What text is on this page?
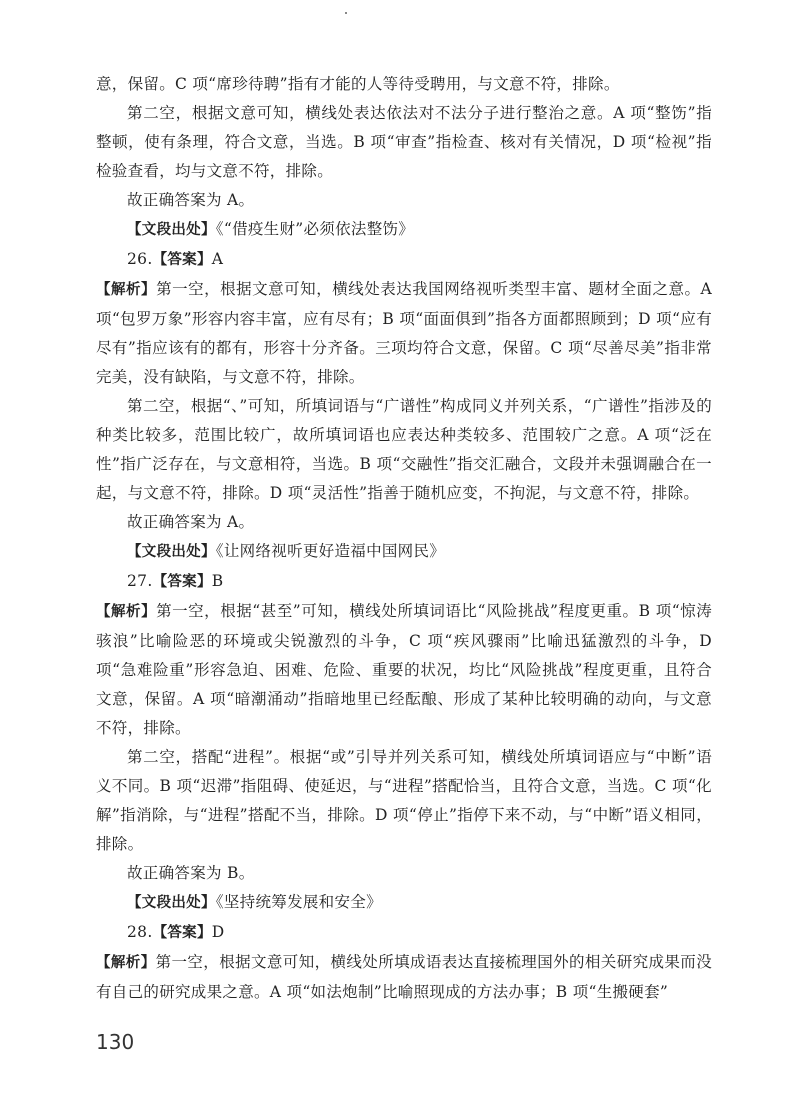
意，保留。C 项“席珍待聘”指有才能的人等待受聘用，与文意不符，排除。

第二空，根据文意可知，横线处表达依法对不法分子进行整治之意。A 项“整饬”指整顿，使有条理，符合文意，当选。B 项“审查”指检查、核对有关情况，D 项“检视”指检验查看，均与文意不符，排除。

故正确答案为 A。

【文段出处】《“借疫生财”必须依法整饬》

26.【答案】A

【解析】第一空，根据文意可知，横线处表达我国网络视听类型丰富、题材全面之意。A 项“包罗万象”形容内容丰富，应有尽有；B 项“面面俱到”指各方面都照顾到；D 项“应有尽有”指应该有的都有，形容十分齐备。三项均符合文意，保留。C 项“尽善尽美”指非常完美，没有缺陷，与文意不符，排除。

第二空，根据“、”可知，所填词语与“广谱性”构成同义并列关系，“广谱性”指涉及的种类比较多，范围比较广，故所填词语也应表达种类较多、范围较广之意。A 项“泛在性”指广泛存在，与文意相符，当选。B 项“交融性”指交汇融合，文段并未强调融合在一起，与文意不符，排除。D 项“灵活性”指善于随机应变，不拘泥，与文意不符，排除。

故正确答案为 A。

【文段出处】《让网络视听更好造福中国网民》

27.【答案】B

【解析】第一空，根据“甚至”可知，横线处所填词语比“风险挑战”程度更重。B 项“惊涛骇浪”比喻险恶的环境或尖锐激烈的斗争，C 项“疾风骤雨”比喻迅猛激烈的斗争，D 项“急难险重”形容急迫、困难、危险、重要的状况，均比“风险挑战”程度更重，且符合文意，保留。A 项“暗潮涌动”指暗地里已经酝酿、形成了某种比较明确的动向，与文意不符，排除。

第二空，搭配“进程”。根据“或”引导并列关系可知，横线处所填词语应与“中断”语义不同。B 项“迟滞”指阻碍、使延迟，与“进程”搭配恰当，且符合文意，当选。C 项“化解”指消除，与“进程”搭配不当，排除。D 项“停止”指停下来不动，与“中断”语义相同，排除。

故正确答案为 B。

【文段出处】《坚持统筹发展和安全》

28.【答案】D

【解析】第一空，根据文意可知，横线处所填成语表达直接梳理国外的相关研究成果而没有自己的研究成果之意。A 项“如法炮制”比喻照现成的方法办事；B 项“生搬硬套”

130
